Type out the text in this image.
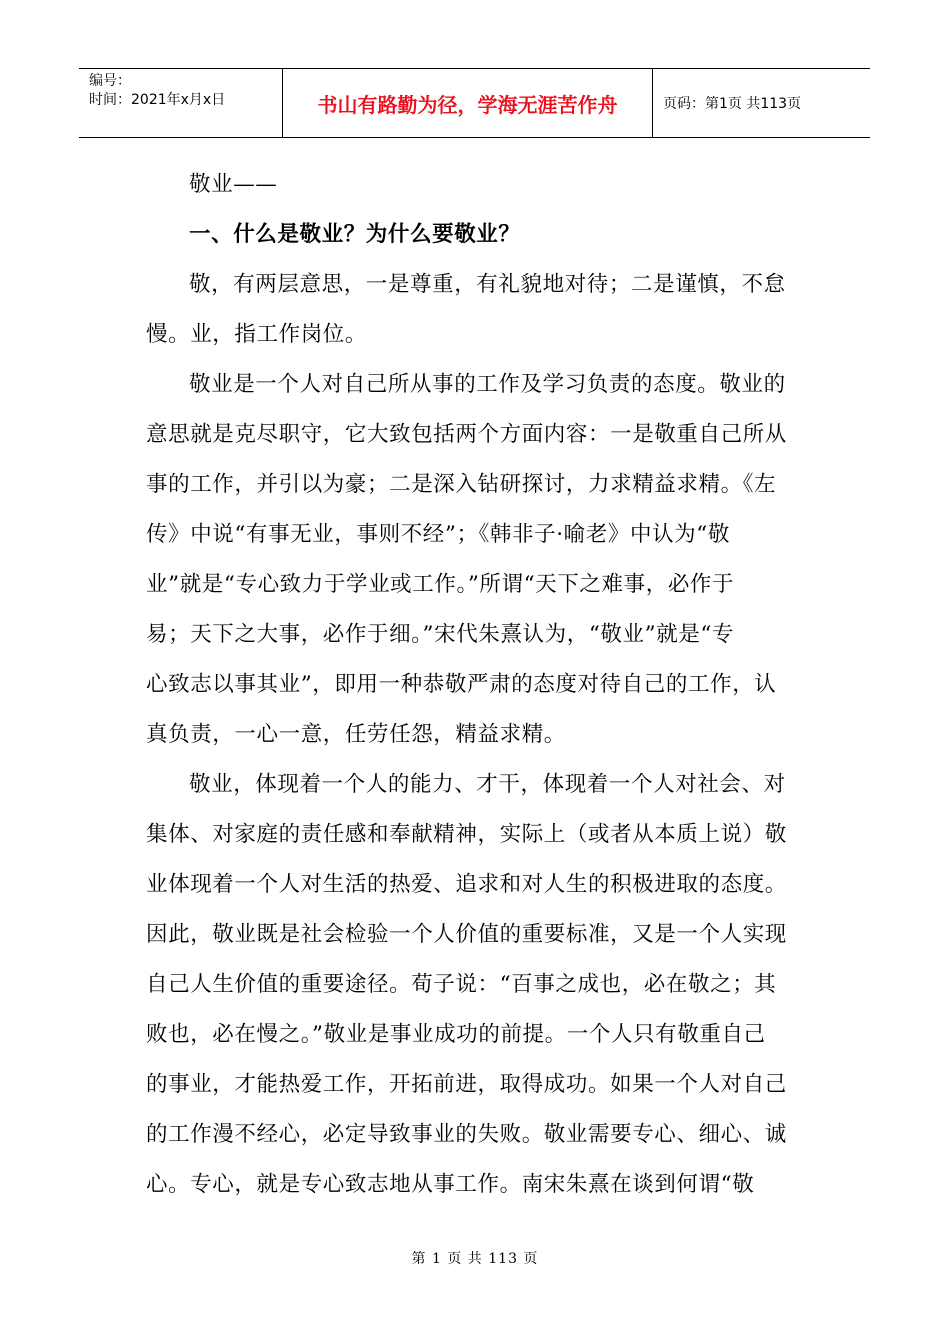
编号：
时间：2021年x月x日	书山有路勤为径，学海无涯苦作舟	页码：第1页 共113页
敬业——
一、什么是敬业？为什么要敬业？
敬，有两层意思，一是尊重，有礼貌地对待；二是谨慎，不怠
慢。业，指工作岗位。
敬业是一个人对自己所从事的工作及学习负责的态度。敬业的
意思就是克尽职守，它大致包括两个方面内容：一是敬重自己所从
事的工作，并引以为豪；二是深入钻研探讨，力求精益求精。《左
传》中说“有事无业，事则不经”；《韩非子·喻老》中认为“敬
业”就是“专心致力于学业或工作。”所谓“天下之难事，必作于
易；天下之大事，必作于细。”宋代朱熹认为，“敬业”就是“专
心致志以事其业”，即用一种恭敬严肃的态度对待自己的工作，认
真负责，一心一意，任劳任怨，精益求精。
敬业，体现着一个人的能力、才干，体现着一个人对社会、对
集体、对家庭的责任感和奉献精神，实际上（或者从本质上说）敬
业体现着一个人对生活的热爱、追求和对人生的积极进取的态度。
因此，敬业既是社会检验一个人价值的重要标准，又是一个人实现
自己人生价值的重要途径。荀子说：“百事之成也，必在敬之；其
败也，必在慢之。”敬业是事业成功的前提。一个人只有敬重自己
的事业，才能热爱工作，开拓前进，取得成功。如果一个人对自己
的工作漫不经心，必定导致事业的失败。敬业需要专心、细心、诚
心。专心，就是专心致志地从事工作。南宋朱熹在谈到何谓“敬
第 1 页 共 113 页
